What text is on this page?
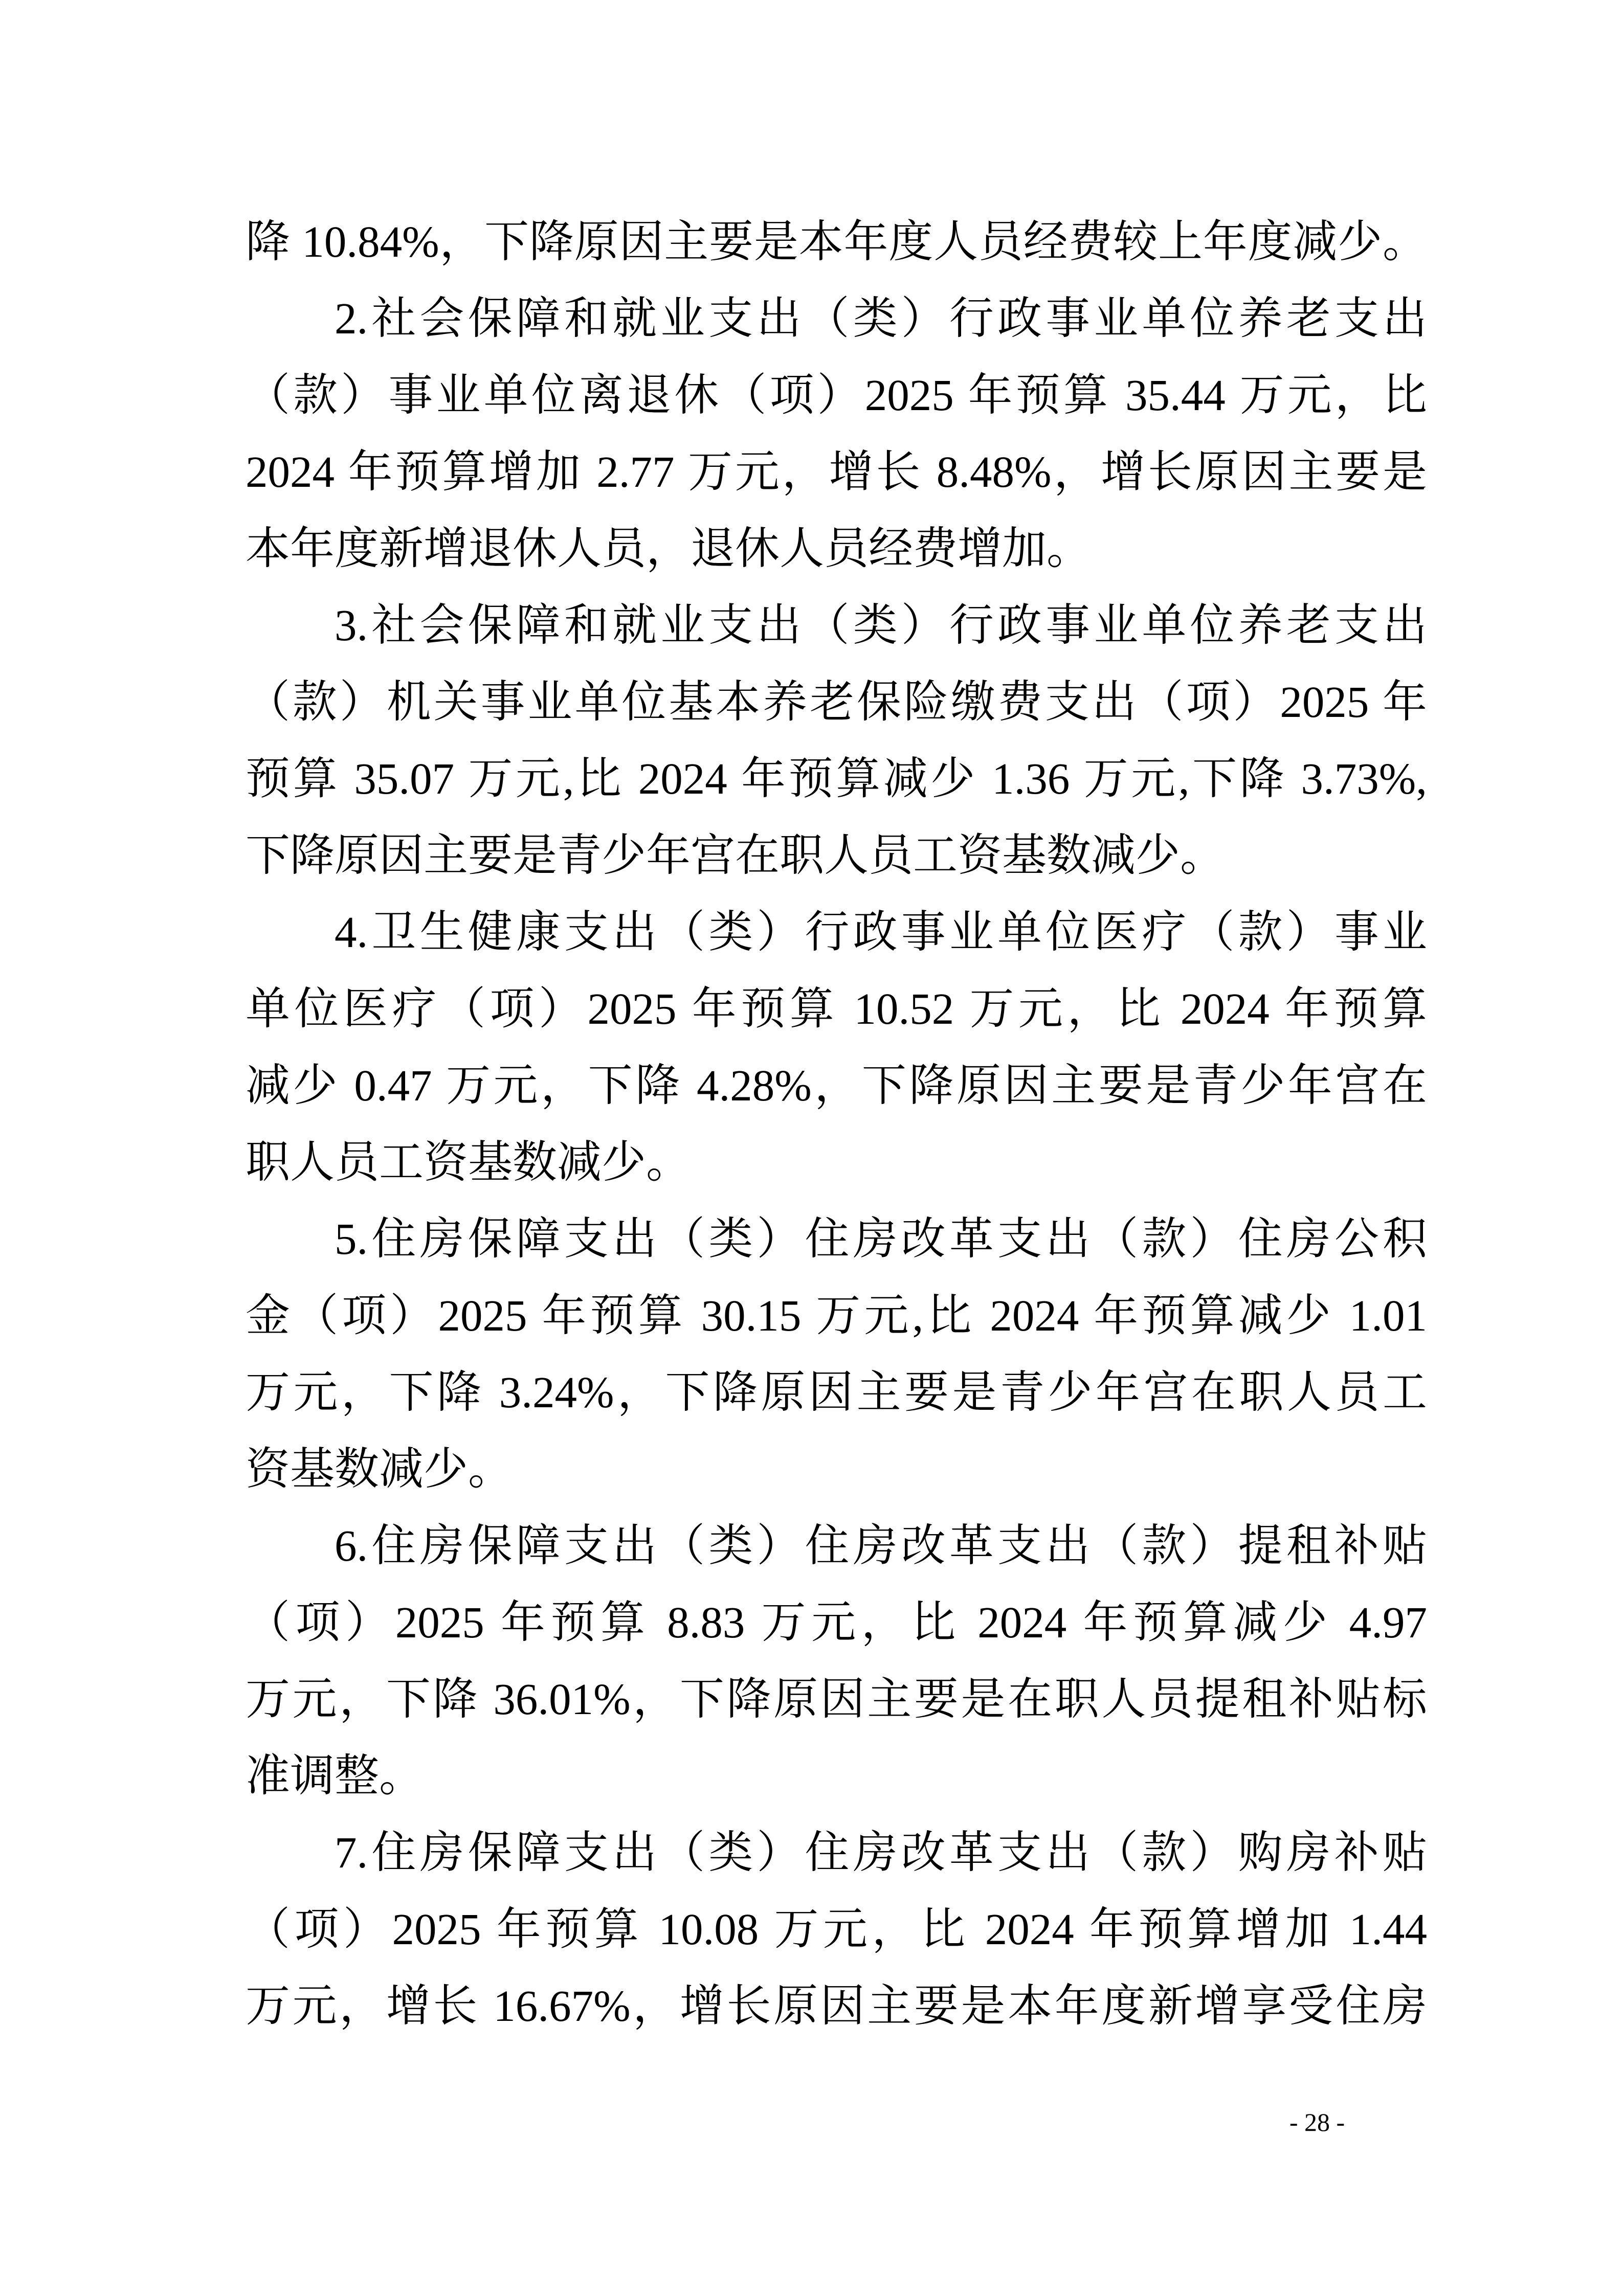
降 10.84%，下降原因主要是本年度人员经费较上年度减少。
2.社会保障和就业支出（类）行政事业单位养老支出
（款）事业单位离退休（项）2025 年预算 35.44 万元，比
2024 年预算增加 2.77 万元，增长 8.48%，增长原因主要是
本年度新增退休人员，退休人员经费增加。
3.社会保障和就业支出（类）行政事业单位养老支出
（款）机关事业单位基本养老保险缴费支出（项）2025 年
预算 35.07 万元,比 2024 年预算减少 1.36 万元,下降 3.73%,
下降原因主要是青少年宫在职人员工资基数减少。
4.卫生健康支出（类）行政事业单位医疗（款）事业
单位医疗（项）2025 年预算 10.52 万元，比 2024 年预算
减少 0.47 万元，下降 4.28%，下降原因主要是青少年宫在
职人员工资基数减少。
5.住房保障支出（类）住房改革支出（款）住房公积
金（项）2025 年预算 30.15 万元,比 2024 年预算减少 1.01
万元，下降 3.24%，下降原因主要是青少年宫在职人员工
资基数减少。
6.住房保障支出（类）住房改革支出（款）提租补贴
（项）2025 年预算 8.83 万元，比 2024 年预算减少 4.97
万元，下降 36.01%，下降原因主要是在职人员提租补贴标
准调整。
7.住房保障支出（类）住房改革支出（款）购房补贴
（项）2025 年预算 10.08 万元，比 2024 年预算增加 1.44
万元，增长 16.67%，增长原因主要是本年度新增享受住房
- 28 -
